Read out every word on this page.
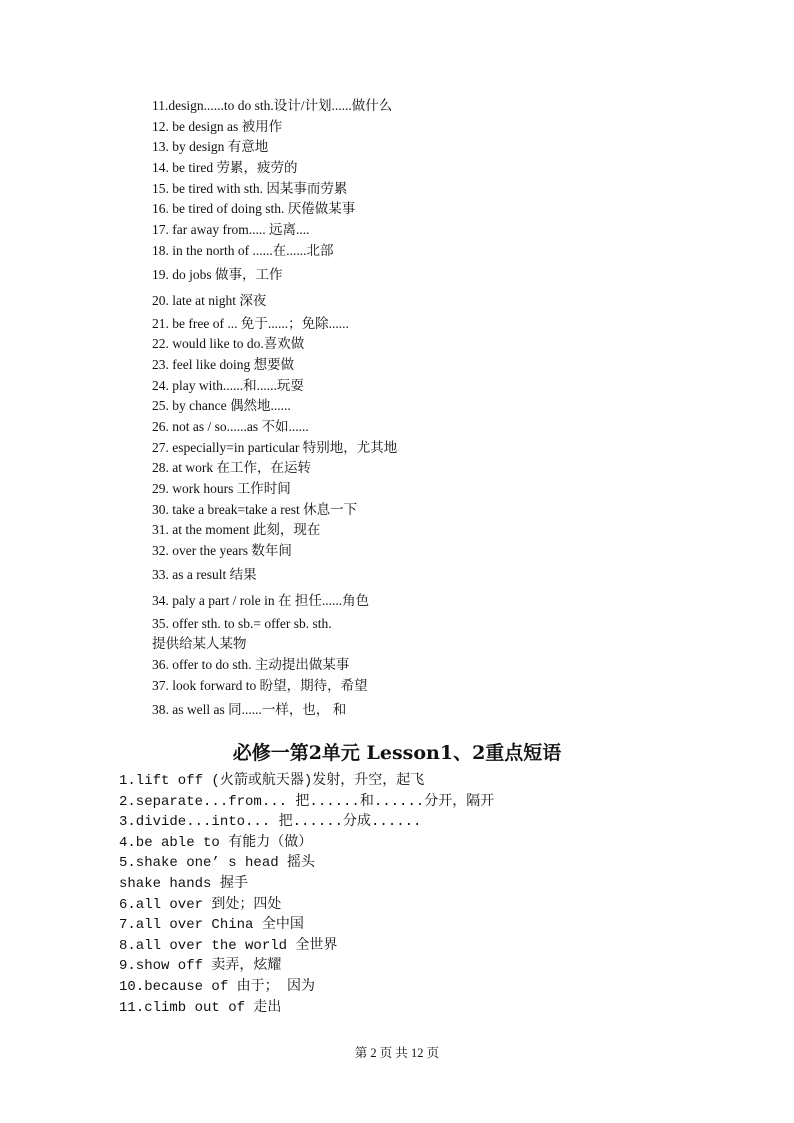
11.design......to do sth.设计/计划......做什么
12. be design as 被用作
13. by design 有意地
14. be tired 劳累，疲劳的
15. be tired with sth. 因某事而劳累
16. be tired of doing sth. 厌倦做某事
17. far away from..... 远离....
18. in the north of ......在......北部
19. do jobs 做事，工作
20. late at night 深夜
21. be free of ... 免于......；免除......
22. would like to do.喜欢做
23. feel like doing 想要做
24. play with......和......玩耍
25. by chance 偶然地......
26. not as / so......as 不如......
27. especially=in particular 特别地，尤其地
28. at work 在工作，在运转
29. work hours 工作时间
30. take a break=take a rest 休息一下
31. at the moment 此刻，现在
32. over the years 数年间
33. as a result 结果
34. paly a part / role in 在 担任......角色
35. offer sth. to sb.= offer sb. sth.
提供给某人某物
36. offer to do sth. 主动提出做某事
37. look forward to 盼望，期待，希望
38. as well as 同......一样，也， 和
必修一第2单元 Lesson1、2重点短语
1.lift off (火箭或航天器)发射，升空，起飞
2.separate...from... 把......和......分开，隔开
3.divide...into... 把......分成......
4.be able to 有能力（做）
5.shake one’ s head 摇头
shake hands 握手
6.all over 到处；四处
7.all over China 全中国
8.all over the world 全世界
9.show off 卖弄，炫耀
10.because of 由于； 因为
11.climb out of 走出
第 2 页 共 12 页
